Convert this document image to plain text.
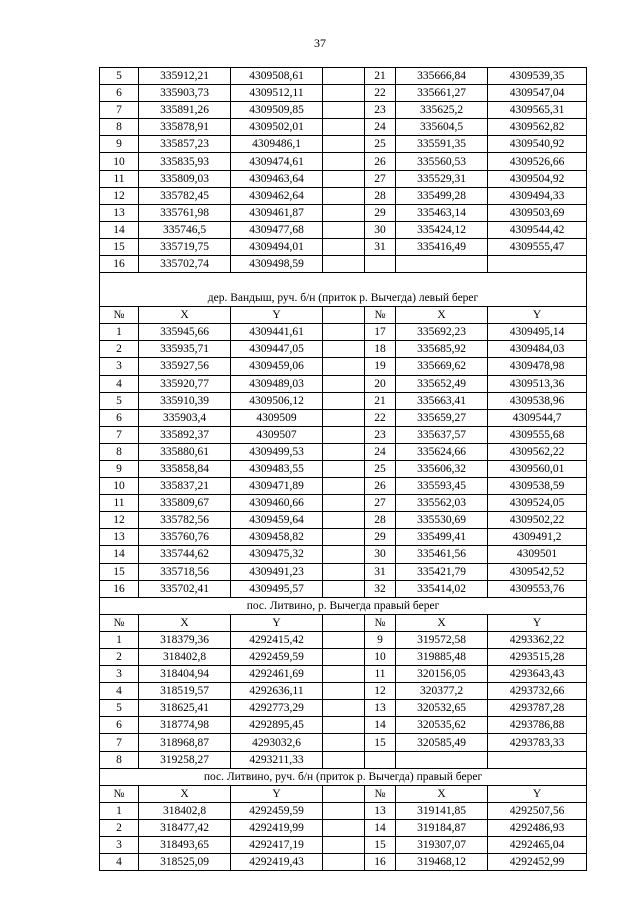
37
5	335912,21	4309508,61		21	335666,84	4309539,35
6	335903,73	4309512,11		22	335661,27	4309547,04
7	335891,26	4309509,85		23	335625,2	4309565,31
8	335878,91	4309502,01		24	335604,5	4309562,82
9	335857,23	4309486,1		25	335591,35	4309540,92
10	335835,93	4309474,61		26	335560,53	4309526,66
11	335809,03	4309463,64		27	335529,31	4309504,92
12	335782,45	4309462,64		28	335499,28	4309494,33
13	335761,98	4309461,87		29	335463,14	4309503,69
14	335746,5	4309477,68		30	335424,12	4309544,42
15	335719,75	4309494,01		31	335416,49	4309555,47
16	335702,74	4309498,59				
дер. Вандыш, руч. б/н (приток р. Вычегда) левый берег						
№	X	Y		№	X	Y
1	335945,66	4309441,61		17	335692,23	4309495,14
2	335935,71	4309447,05		18	335685,92	4309484,03
3	335927,56	4309459,06		19	335669,62	4309478,98
4	335920,77	4309489,03		20	335652,49	4309513,36
5	335910,39	4309506,12		21	335663,41	4309538,96
6	335903,4	4309509		22	335659,27	4309544,7
7	335892,37	4309507		23	335637,57	4309555,68
8	335880,61	4309499,53		24	335624,66	4309562,22
9	335858,84	4309483,55		25	335606,32	4309560,01
10	335837,21	4309471,89		26	335593,45	4309538,59
11	335809,67	4309460,66		27	335562,03	4309524,05
12	335782,56	4309459,64		28	335530,69	4309502,22
13	335760,76	4309458,82		29	335499,41	4309491,2
14	335744,62	4309475,32		30	335461,56	4309501
15	335718,56	4309491,23		31	335421,79	4309542,52
16	335702,41	4309495,57		32	335414,02	4309553,76
пос. Литвино, р. Вычегда правый берег						
№	X	Y		№	X	Y
1	318379,36	4292415,42		9	319572,58	4293362,22
2	318402,8	4292459,59		10	319885,48	4293515,28
3	318404,94	4292461,69		11	320156,05	4293643,43
4	318519,57	4292636,11		12	320377,2	4293732,66
5	318625,41	4292773,29		13	320532,65	4293787,28
6	318774,98	4292895,45		14	320535,62	4293786,88
7	318968,87	4293032,6		15	320585,49	4293783,33
8	319258,27	4293211,33				
пос. Литвино, руч. б/н (приток р. Вычегда) правый берег						
№	X	Y		№	X	Y
1	318402,8	4292459,59		13	319141,85	4292507,56
2	318477,42	4292419,99		14	319184,87	4292486,93
3	318493,65	4292417,19		15	319307,07	4292465,04
4	318525,09	4292419,43		16	319468,12	4292452,99
